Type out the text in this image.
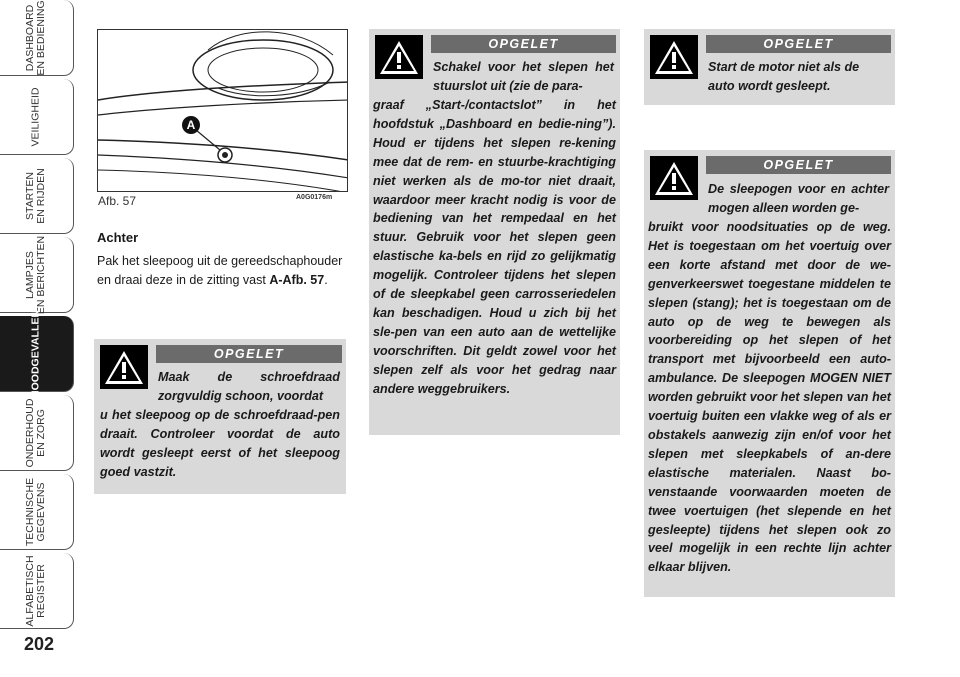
DASHBOARD
EN BEDIENING
VEILIGHEID
STARTEN
EN RIJDEN
LAMPJES
EN BERICHTEN
NOODGEVALLEN
ONDERHOUD
EN ZORG
TECHNISCHE
GEGEVENS
ALFABETISCH
REGISTER
202
A
Afb. 57	A0G0176m
Achter
Pak het sleepoog uit de gereedschaphouder en draai deze in de zitting vast A-Afb. 57.
OPGELET
Maak de schroefdraad zorgvuldig schoon, voordat
u het sleepoog op de schroefdraad-pen draait. Controleer voordat de auto wordt gesleept eerst of het sleepoog goed vastzit.
OPGELET
Schakel voor het slepen het stuurslot uit (zie de para-
graaf „Start-/contactslot” in het hoofdstuk „Dashboard en bedie-ning”). Houd er tijdens het slepen re-kening mee dat de rem- en stuurbe-krachtiging niet werken als de mo-tor niet draait, waardoor meer kracht nodig is voor de bediening van het rempedaal en het stuur. Gebruik voor het slepen geen elastische ka-bels en rijd zo gelijkmatig mogelijk. Controleer tijdens het slepen of de sleepkabel geen carrosseriedelen kan beschadigen. Houd u zich bij het sle-pen van een auto aan de wettelijke voorschriften. Dit geldt zowel voor het slepen zelf als voor het gedrag naar andere weggebruikers.
OPGELET
Start de motor niet als de auto wordt gesleept.
OPGELET
De sleepogen voor en achter mogen alleen worden ge-
bruikt voor noodsituaties op de weg. Het is toegestaan om het voertuig over een korte afstand met door de we-genverkeerswet toegestane middelen te slepen (stang); het is toegestaan om de auto op de weg te bewegen als voorbereiding op het slepen of het transport met bijvoorbeeld een auto-ambulance. De sleepogen MOGEN NIET worden gebruikt voor het slepen van het voertuig buiten een vlakke weg of als er obstakels aanwezig zijn en/of voor het slepen met sleepkabels of an-dere elastische materialen. Naast bo-venstaande voorwaarden moeten de twee voertuigen (het slepende en het gesleepte) tijdens het slepen ook zo veel mogelijk in een rechte lijn achter elkaar blijven.
